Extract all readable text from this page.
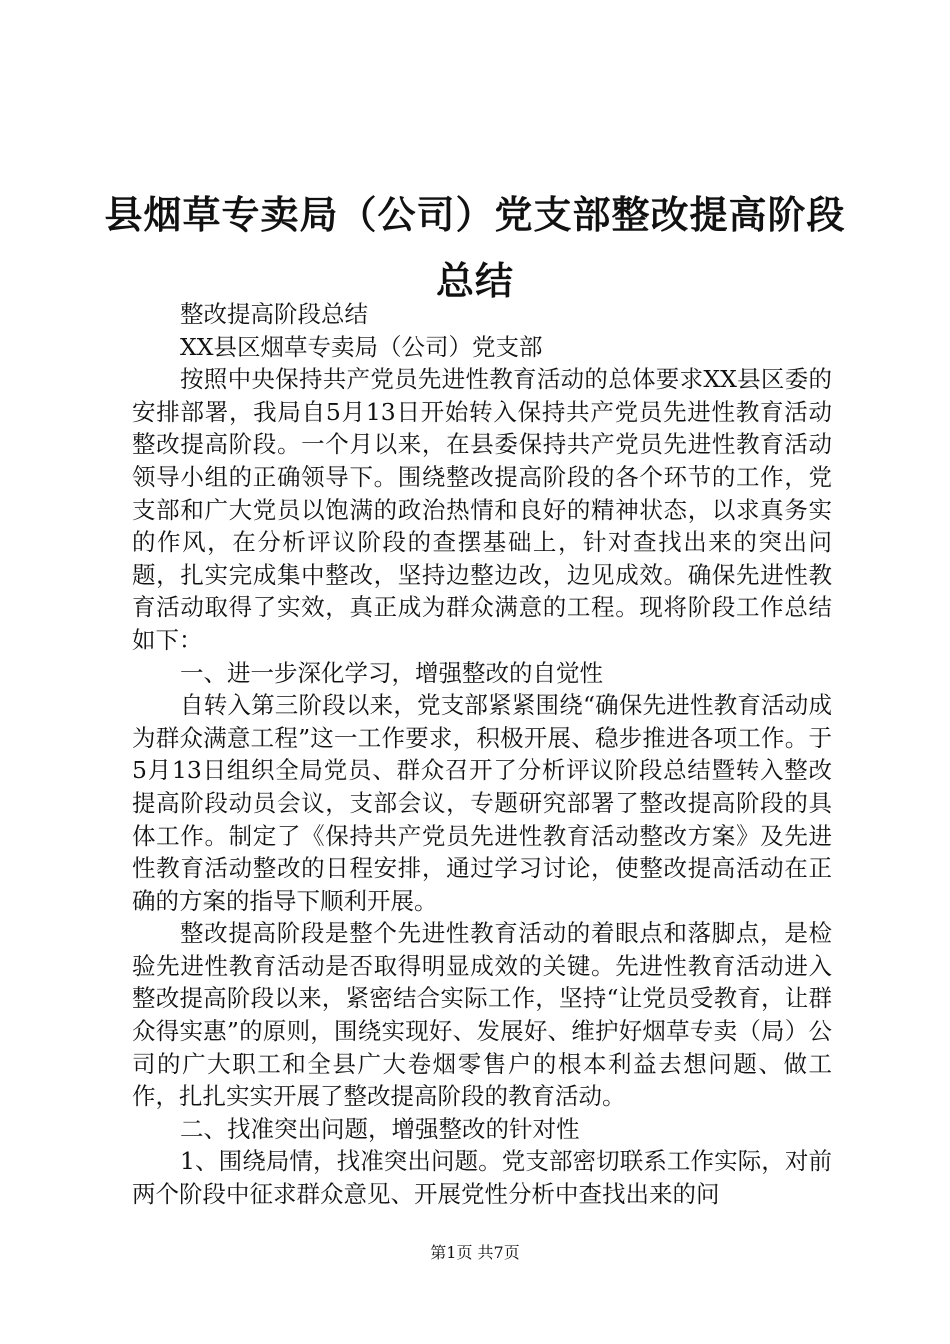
县烟草专卖局（公司）党支部整改提高阶段总结

整改提高阶段总结

XX县区烟草专卖局（公司）党支部

按照中央保持共产党员先进性教育活动的总体要求XX县区委的安排部署，我局自5月13日开始转入保持共产党员先进性教育活动整改提高阶段。一个月以来，在县委保持共产党员先进性教育活动领导小组的正确领导下。围绕整改提高阶段的各个环节的工作，党支部和广大党员以饱满的政治热情和良好的精神状态，以求真务实的作风，在分析评议阶段的查摆基础上，针对查找出来的突出问题，扎实完成集中整改，坚持边整边改，边见成效。确保先进性教育活动取得了实效，真正成为群众满意的工程。现将阶段工作总结如下：

一、进一步深化学习，增强整改的自觉性

自转入第三阶段以来，党支部紧紧围绕“确保先进性教育活动成为群众满意工程”这一工作要求，积极开展、稳步推进各项工作。于5月13日组织全局党员、群众召开了分析评议阶段总结暨转入整改提高阶段动员会议，支部会议，专题研究部署了整改提高阶段的具体工作。制定了《保持共产党员先进性教育活动整改方案》及先进性教育活动整改的日程安排，通过学习讨论，使整改提高活动在正确的方案的指导下顺利开展。

整改提高阶段是整个先进性教育活动的着眼点和落脚点，是检验先进性教育活动是否取得明显成效的关键。先进性教育活动进入整改提高阶段以来，紧密结合实际工作，坚持“让党员受教育，让群众得实惠”的原则，围绕实现好、发展好、维护好烟草专卖（局）公司的广大职工和全县广大卷烟零售户的根本利益去想问题、做工作，扎扎实实开展了整改提高阶段的教育活动。

二、找准突出问题，增强整改的针对性

1、围绕局情，找准突出问题。党支部密切联系工作实际，对前两个阶段中征求群众意见、开展党性分析中查找出来的问

第1页 共7页
